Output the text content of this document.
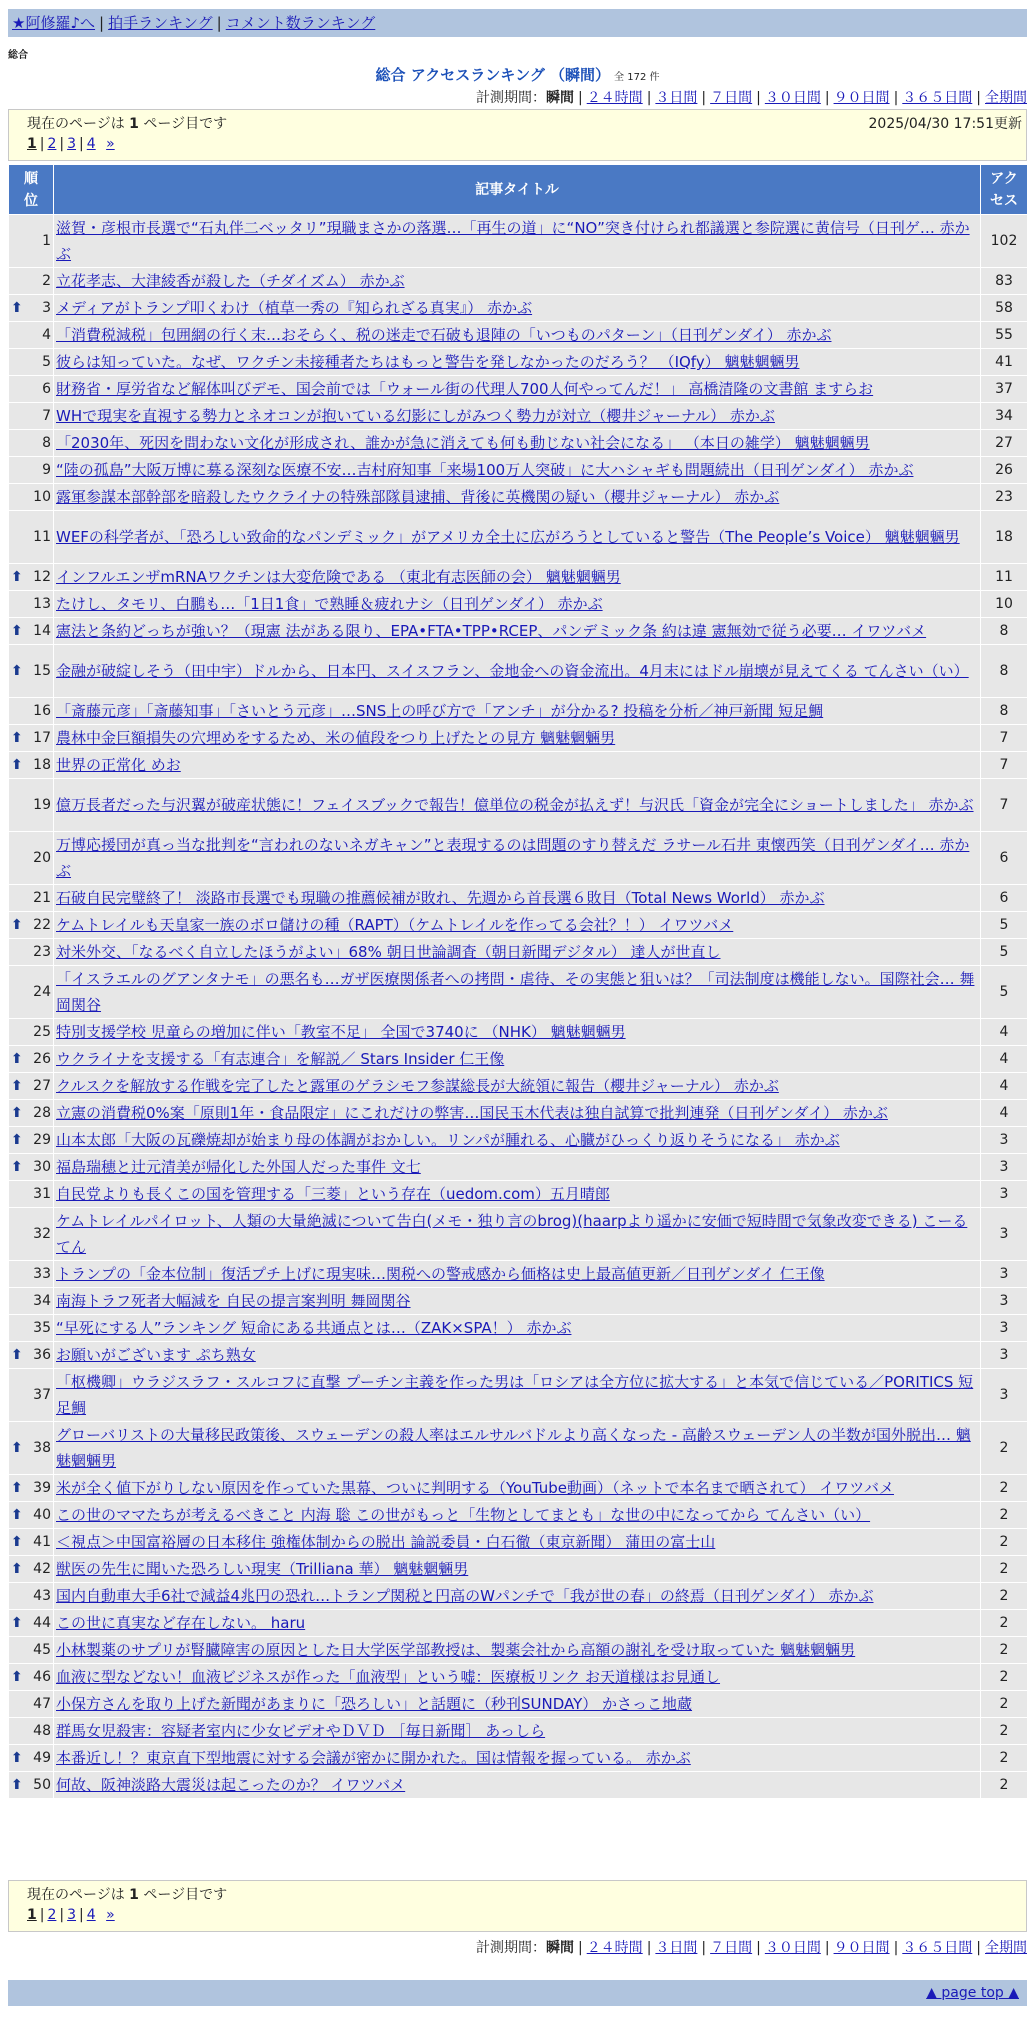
★阿修羅♪へ | 拍手ランキング | コメント数ランキング
総合
総合 アクセスランキング （瞬間） 全 172 件
計測期間：瞬間 | ２４時間 | ３日間 | ７日間 | ３０日間 | ９０日間 | ３６５日間 | 全期間
現在のページは 1 ページ目です	2025/04/30 17:51更新
1 | 2 | 3 | 4 »
順
位	記事タイトル	アク
セス
1	滋賀・彦根市長選で“石丸伴二ベッタリ”現職まさかの落選…「再生の道」に“NO”突き付けられ都議選と参院選に黄信号（日刊ゲ… 赤かぶ	102
2	立花孝志、大津綾香が殺した（チダイズム） 赤かぶ	83

⬆ 3	メディアがトランプ叩くわけ（植草一秀の『知られざる真実』） 赤かぶ	58
4	「消費税減税」包囲網の行く末…おそらく、税の迷走で石破も退陣の「いつものパターン」（日刊ゲンダイ） 赤かぶ	55
5	彼らは知っていた。なぜ、ワクチン未接種者たちはもっと警告を発しなかったのだろう？ （IQfy） 魑魅魍魎男	41
6	財務省・厚労省など解体叫びデモ、国会前では「ウォール街の代理人700人何やってんだ！」 高橋清隆の文書館 ますらお	37
7	WHで現実を直視する勢力とネオコンが抱いている幻影にしがみつく勢力が対立（櫻井ジャーナル） 赤かぶ	34
8	「2030年、死因を問わない文化が形成され、誰かが急に消えても何も動じない社会になる」 （本日の雑学） 魑魅魍魎男	27
9	“陸の孤島”大阪万博に募る深刻な医療不安…吉村府知事「来場100万人突破」に大ハシャギも問題続出（日刊ゲンダイ） 赤かぶ	26
10	露軍参謀本部幹部を暗殺したウクライナの特殊部隊員逮捕、背後に英機関の疑い（櫻井ジャーナル） 赤かぶ	23
11	WEFの科学者が、「恐ろしい致命的なパンデミック」がアメリカ全土に広がろうとしていると警告（The People’s Voice） 魑魅魍魎男	18

⬆ 12	インフルエンザmRNAワクチンは大変危険である （東北有志医師の会） 魑魅魍魎男	11
13	たけし、タモリ、白鵬も…「1日1食」で熟睡＆疲れナシ（日刊ゲンダイ） 赤かぶ	10

⬆ 14	憲法と条約どっちが強い？（現憲 法がある限り、EPA•FTA•TPP•RCEP、パンデミック条 約は違 憲無効で従う必要… イワツバメ	8

⬆ 15	金融が破綻しそう（田中宇）ドルから、日本円、スイスフラン、金地金への資金流出。4月末にはドル崩壊が見えてくる てんさい（い）	8
16	「斎藤元彦」「斎藤知事」「さいとう元彦」…SNS上の呼び方で「アンチ」が分かる? 投稿を分析／神戸新聞 短足鯛	8

⬆ 17	農林中金巨額損失の穴埋めをするため、米の値段をつり上げたとの見方 魑魅魍魎男	7

⬆ 18	世界の正常化 めお	7
19	億万長者だった与沢翼が破産状態に！フェイスブックで報告！億単位の税金が払えず！与沢氏「資金が完全にショートしました」 赤かぶ	7
20	万博応援団が真っ当な批判を“言われのないネガキャン”と表現するのは問題のすり替えだ ラサール石井 東懐西笑（日刊ゲンダイ… 赤かぶ	6
21	石破自民完璧終了！ 淡路市長選でも現職の推薦候補が敗れ、先週から首長選６敗目（Total News World） 赤かぶ	6

⬆ 22	ケムトレイルも天皇家一族のボロ儲けの種（RAPT）（ケムトレイルを作ってる会社？！） イワツバメ	5
23	対米外交、「なるべく自立したほうがよい」68% 朝日世論調査（朝日新聞デジタル） 達人が世直し	5
24	「イスラエルのグアンタナモ」の悪名も…ガザ医療関係者への拷問・虐待、その実態と狙いは？「司法制度は機能しない。国際社会… 舞岡関谷	5
25	特別支援学校 児童らの増加に伴い「教室不足」 全国で3740に （NHK） 魑魅魍魎男	4

⬆ 26	ウクライナを支援する「有志連合」を解説／ Stars Insider 仁王像	4

⬆ 27	クルスクを解放する作戦を完了したと露軍のゲラシモフ参謀総長が大統領に報告（櫻井ジャーナル） 赤かぶ	4

⬆ 28	立憲の消費税0%案「原則1年・食品限定」にこれだけの弊害…国民玉木代表は独自試算で批判連発（日刊ゲンダイ） 赤かぶ	4

⬆ 29	山本太郎「大阪の瓦礫焼却が始まり母の体調がおかしい。リンパが腫れる、心臓がひっくり返りそうになる」 赤かぶ	3

⬆ 30	福島瑞穂と辻元清美が帰化した外国人だった事件 文七	3
31	自民党よりも長くこの国を管理する「三菱」という存在（uedom.com）五月晴郎	3
32	ケムトレイルパイロット、人類の大量絶滅について告白(メモ・独り言のbrog)(haarpより遥かに安価で短時間で気象改変できる) こーるてん	3
33	トランプの「金本位制」復活プチ上げに現実味…関税への警戒感から価格は史上最高値更新／日刊ゲンダイ 仁王像	3
34	南海トラフ死者大幅減を 自民の提言案判明 舞岡関谷	3
35	“早死にする人”ランキング 短命にある共通点とは…（ZAK×SPA！） 赤かぶ	3

⬆ 36	お願いがございます ぷち熟女	3
37	「枢機卿」ウラジスラフ・スルコフに直撃 プーチン主義を作った男は「ロシアは全方位に拡大する」と本気で信じている／PORITICS 短足鯛	3

⬆ 38	グローバリストの大量移民政策後、スウェーデンの殺人率はエルサルバドルより高くなった - 高齢スウェーデン人の半数が国外脱出… 魑魅魍魎男	2

⬆ 39	米が全く値下がりしない原因を作っていた黒幕、ついに判明する（YouTube動画）（ネットで本名まで晒されて） イワツバメ	2

⬆ 40	この世のママたちが考えるべきこと 内海 聡 この世がもっと「生物としてまとも」な世の中になってから てんさい（い）	2

⬆ 41	＜視点＞中国富裕層の日本移住 強権体制からの脱出 論説委員・白石徹（東京新聞） 蒲田の富士山	2

⬆ 42	獣医の先生に聞いた恐ろしい現実（Trilliana 華） 魑魅魍魎男	2
43	国内自動車大手6社で減益4兆円の恐れ…トランプ関税と円高のWパンチで「我が世の春」の終焉（日刊ゲンダイ） 赤かぶ	2

⬆ 44	この世に真実など存在しない。 haru	2
45	小林製薬のサプリが腎臓障害の原因とした日大学医学部教授は、製薬会社から高額の謝礼を受け取っていた 魑魅魍魎男	2

⬆ 46	血液に型などない！血液ビジネスが作った「血液型」という嘘：医療板リンク お天道様はお見通し	2
47	小保方さんを取り上げた新聞があまりに「恐ろしい」と話題に（秒刊SUNDAY） かさっこ地蔵	2
48	群馬女児殺害：容疑者室内に少女ビデオやＤＶＤ ［毎日新聞］ あっしら	2

⬆ 49	本番近し！？東京直下型地震に対する会議が密かに開かれた。国は情報を握っている。 赤かぶ	2

⬆ 50	何故、阪神淡路大震災は起こったのか？ イワツバメ	2
現在のページは 1 ページ目です
1 | 2 | 3 | 4 »
計測期間：瞬間 | ２４時間 | ３日間 | ７日間 | ３０日間 | ９０日間 | ３６５日間 | 全期間
▲ page top ▲
